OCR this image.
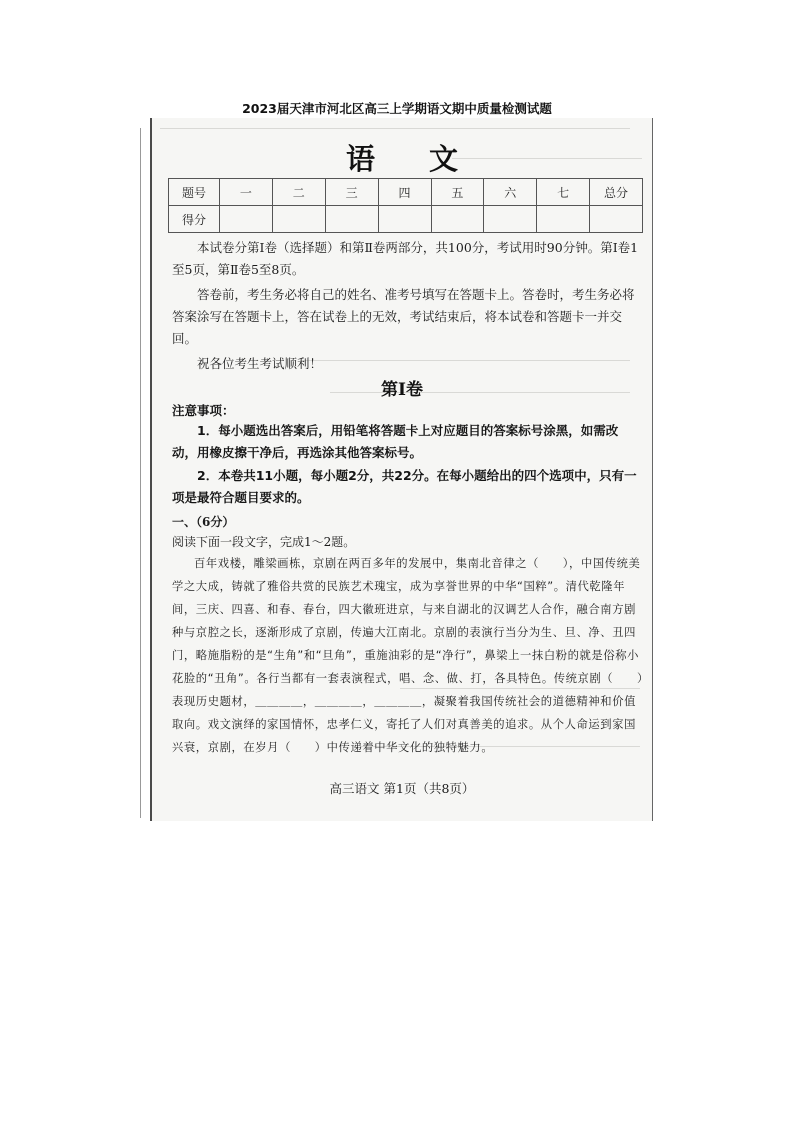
2023届天津市河北区高三上学期语文期中质量检测试题
语 文
题号	一	二	三	四	五	六	七	总分
得分								
本试卷分第Ⅰ卷（选择题）和第Ⅱ卷两部分，共100分，考试用时90分钟。第Ⅰ卷1至5页，第Ⅱ卷5至8页。
答卷前，考生务必将自己的姓名、准考号填写在答题卡上。答卷时，考生务必将答案涂写在答题卡上，答在试卷上的无效，考试结束后，将本试卷和答题卡一并交回。
祝各位考生考试顺利！
第Ⅰ卷
注意事项：
1．每小题选出答案后，用铅笔将答题卡上对应题目的答案标号涂黑，如需改动，用橡皮擦干净后，再选涂其他答案标号。
2．本卷共11小题，每小题2分，共22分。在每小题给出的四个选项中，只有一项是最符合题目要求的。
一、（6分）
阅读下面一段文字，完成1～2题。
百年戏楼，雕梁画栋，京剧在两百多年的发展中，集南北音律之（　　），中国传统美学之大成，铸就了雅俗共赏的民族艺术瑰宝，成为享誉世界的中华“国粹”。清代乾隆年间，三庆、四喜、和春、春台，四大徽班进京，与来自湖北的汉调艺人合作，融合南方剧种与京腔之长，逐渐形成了京剧，传遍大江南北。京剧的表演行当分为生、旦、净、丑四门，略施脂粉的是“生角”和“旦角”，重施油彩的是“净行”，鼻梁上一抹白粉的就是俗称小花脸的“丑角”。各行当都有一套表演程式，唱、念、做、打，各具特色。传统京剧（　　）表现历史题材，＿＿＿＿，＿＿＿＿，＿＿＿＿，凝聚着我国传统社会的道德精神和价值取向。戏文演绎的家国情怀，忠孝仁义，寄托了人们对真善美的追求。从个人命运到家国兴衰，京剧，在岁月（　　）中传递着中华文化的独特魅力。
高三语文 第1页（共8页）
